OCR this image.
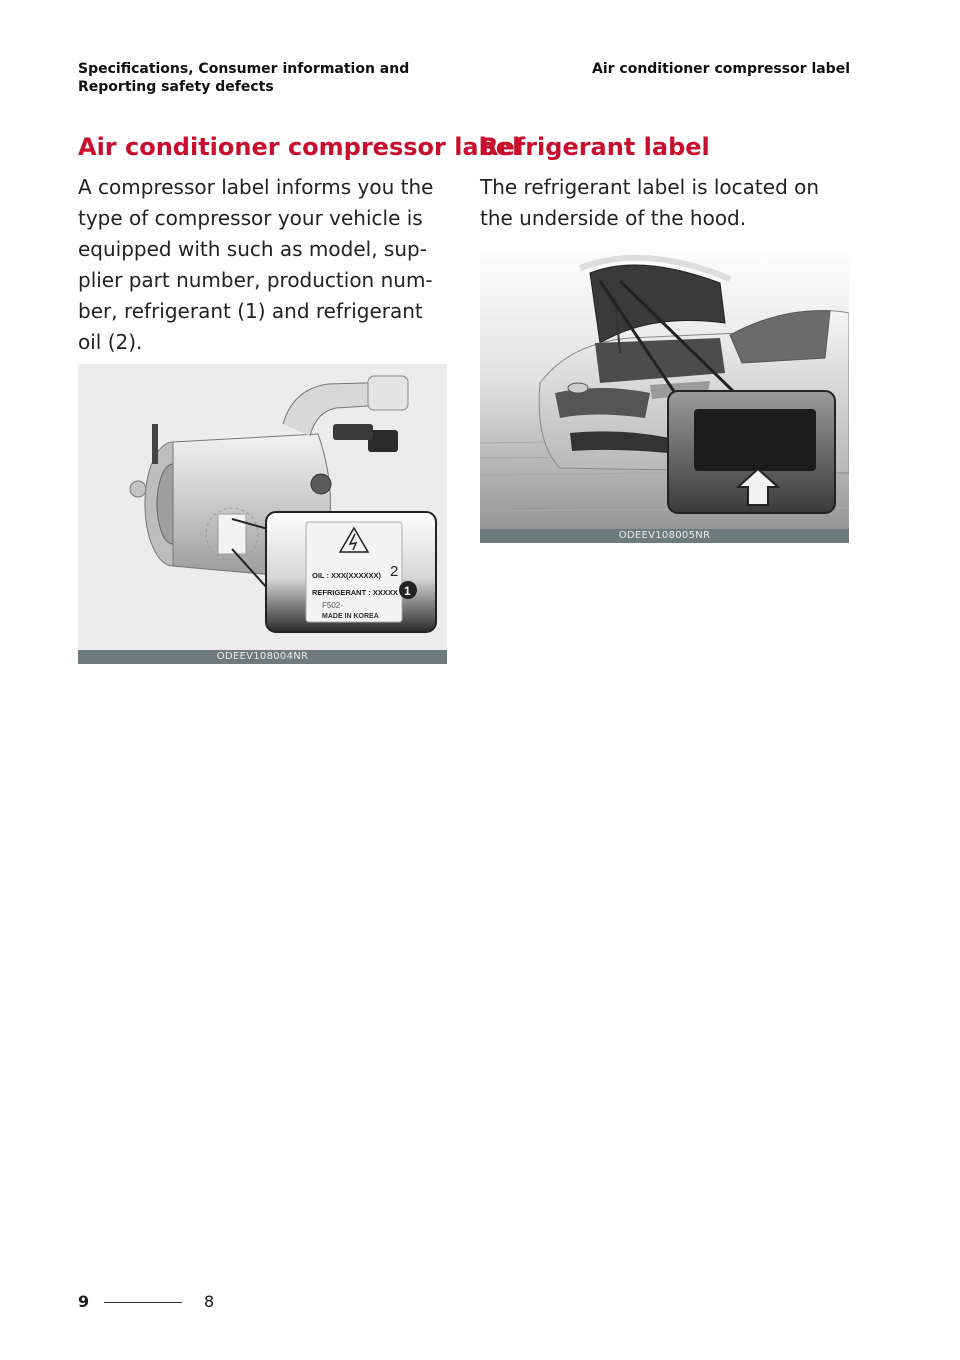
Specifications, Consumer information and Reporting safety defects
Air conditioner compressor label
Air conditioner compressor label

A compressor label informs you the type of compressor your vehicle is equipped with such as model, sup-plier part number, production num-ber, refrigerant (1) and refrigerant oil (2).

OIL : XXX(XXXXXX)
REFRIGERANT : XXXXX
F502-
MADE IN KOREA
2
1
ODEEV108004NR
Refrigerant label

The refrigerant label is located on the underside of the hood.

ODEEV108005NR
9	8
